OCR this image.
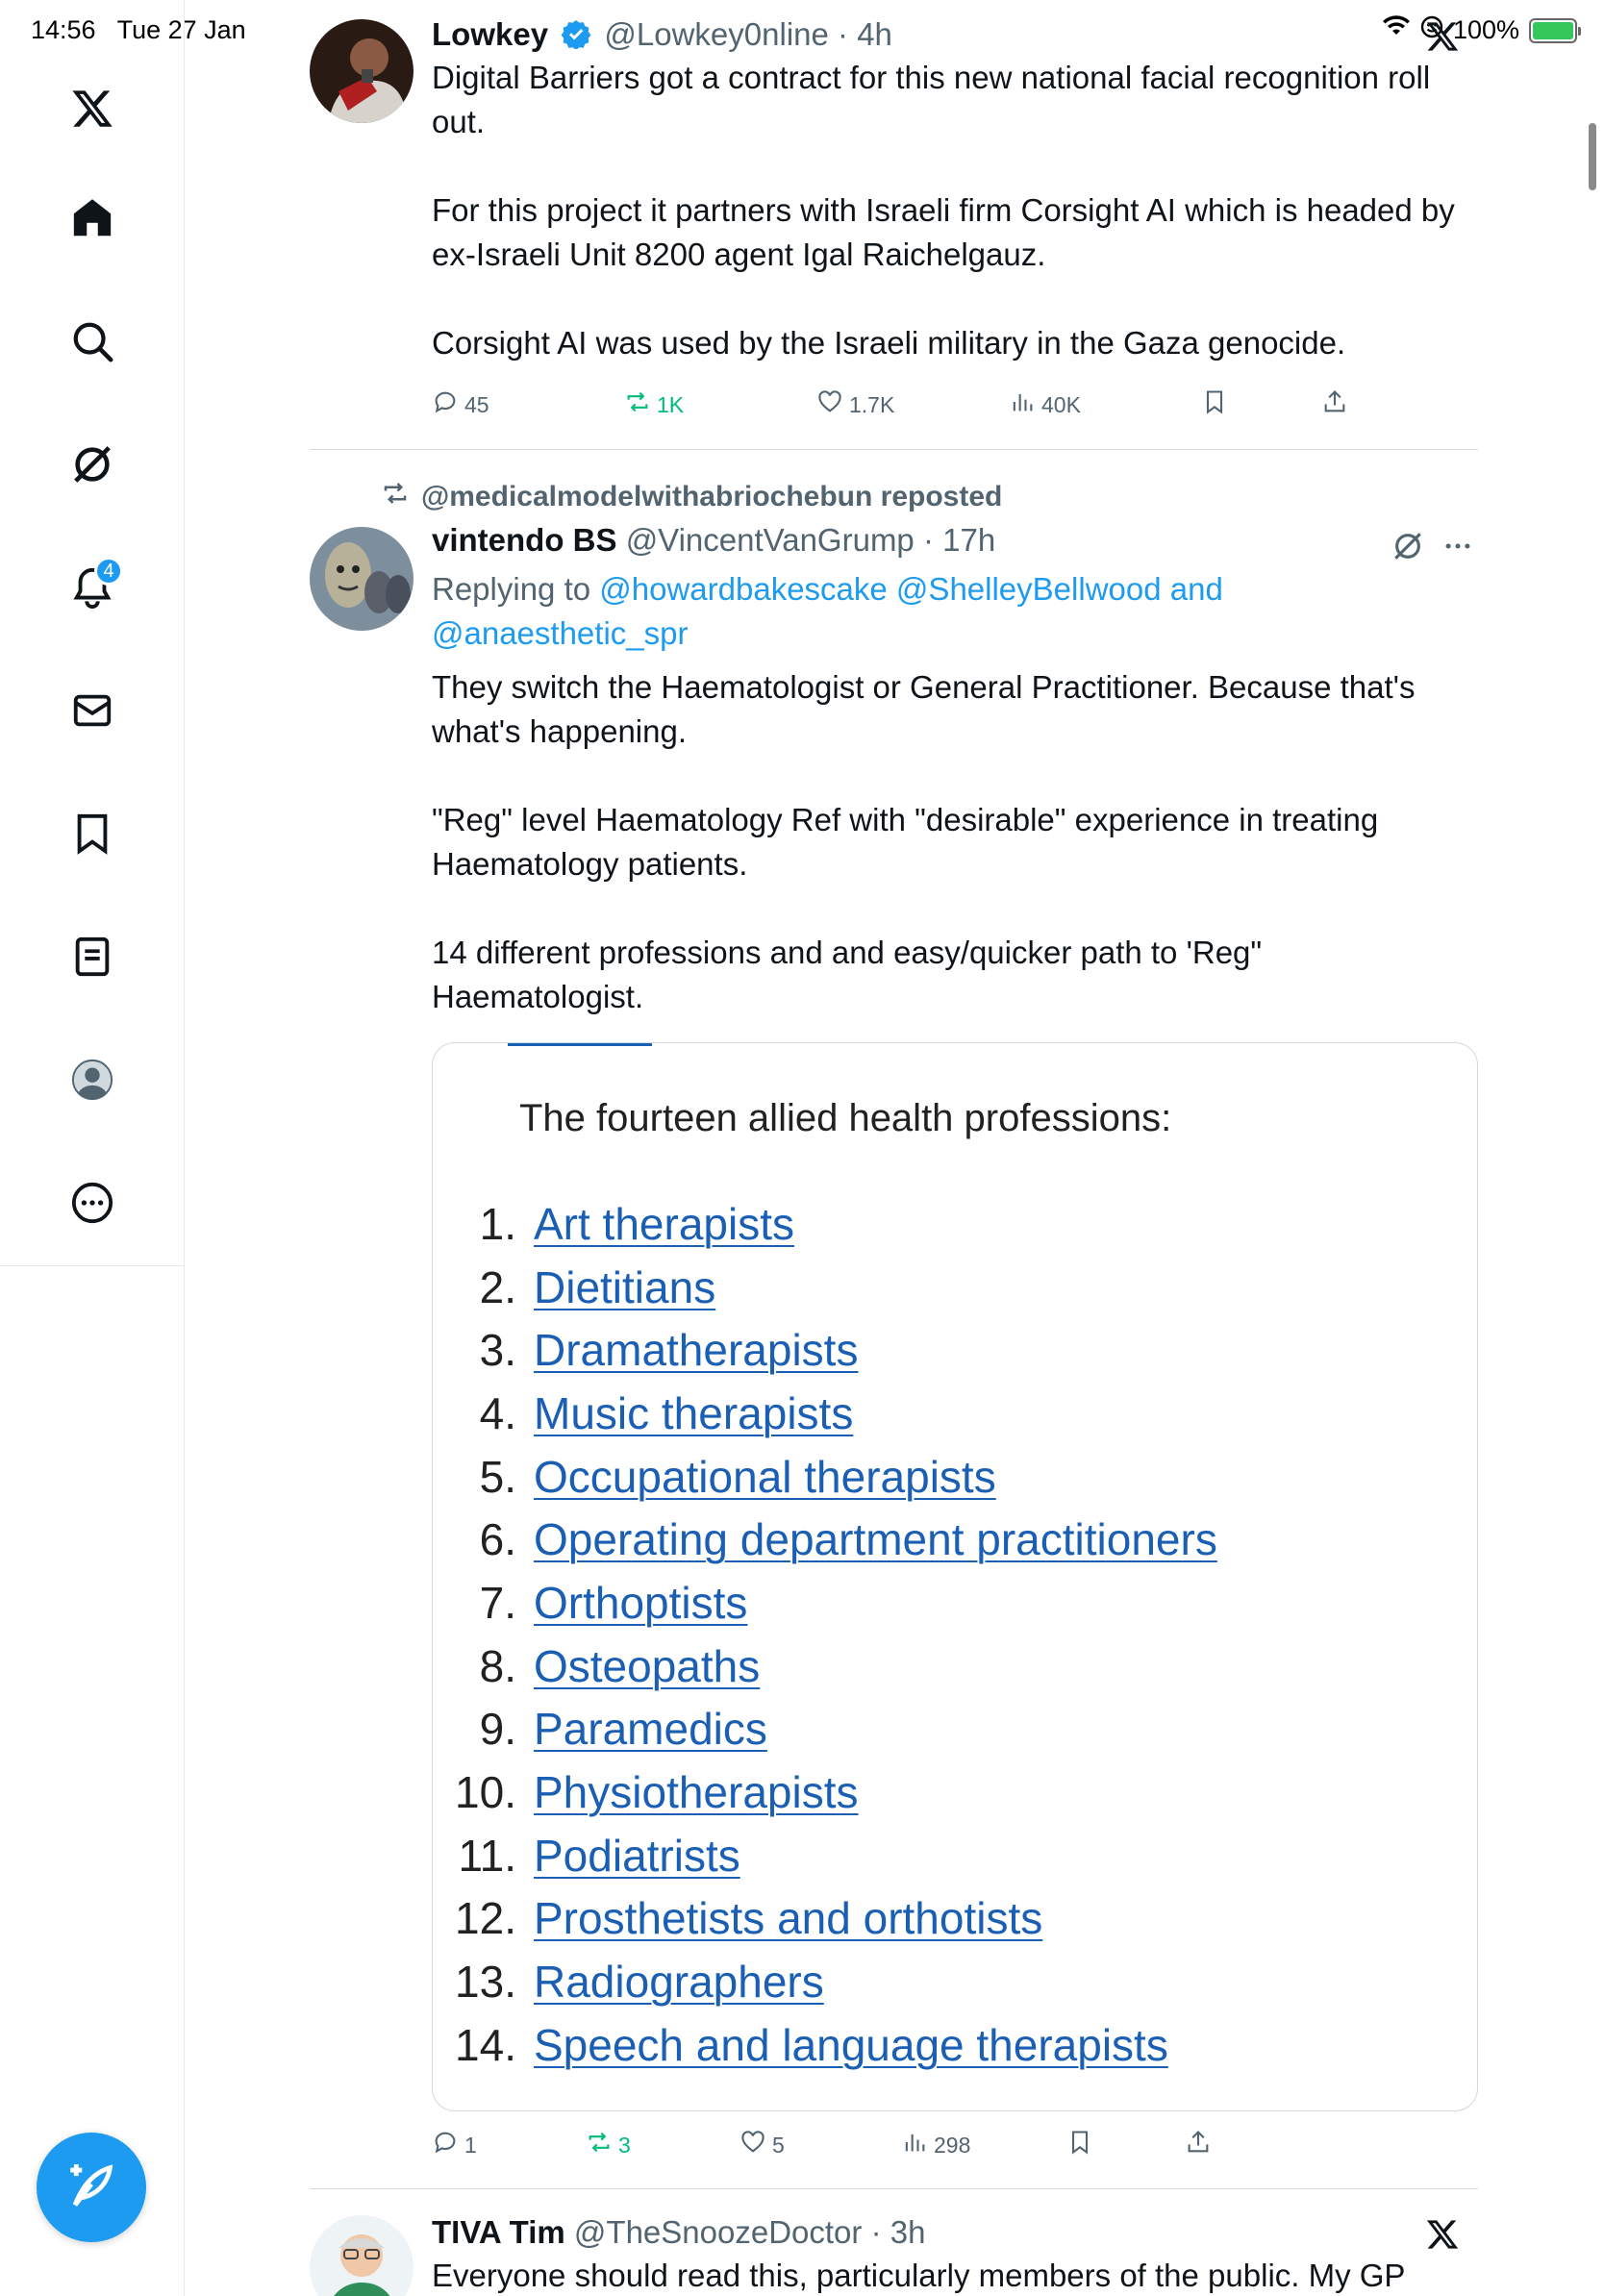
14:56 Tue 27 Jan	100%
4
Lowkey @Lowkey0nline · 4h
Digital Barriers got a contract for this new national facial recognition roll out.

For this project it partners with Israeli firm Corsight AI which is headed by ex-Israeli Unit 8200 agent Igal Raichelgauz.

Corsight AI was used by the Israeli military in the Gaza genocide.
45	1K	1.7K	40K
@medicalmodelwithabriochebun reposted
vintendo BS @VincentVanGrump · 17h
Replying to @howardbakescake @ShelleyBellwood and
@anaesthetic_spr
They switch the Haematologist or General Practitioner. Because that's what's happening.

"Reg" level Haematology Ref with "desirable" experience in treating Haematology patients.

14 different professions and and easy/quicker path to 'Reg" Haematologist.
The fourteen allied health professions:
1. Art therapists
2. Dietitians
3. Dramatherapists
4. Music therapists
5. Occupational therapists
6. Operating department practitioners
7. Orthoptists
8. Osteopaths
9. Paramedics
10. Physiotherapists
11. Podiatrists
12. Prosthetists and orthotists
13. Radiographers
14. Speech and language therapists
1	3	5	298
TIVA Tim @TheSnoozeDoctor · 3h
Everyone should read this, particularly members of the public. My GP
